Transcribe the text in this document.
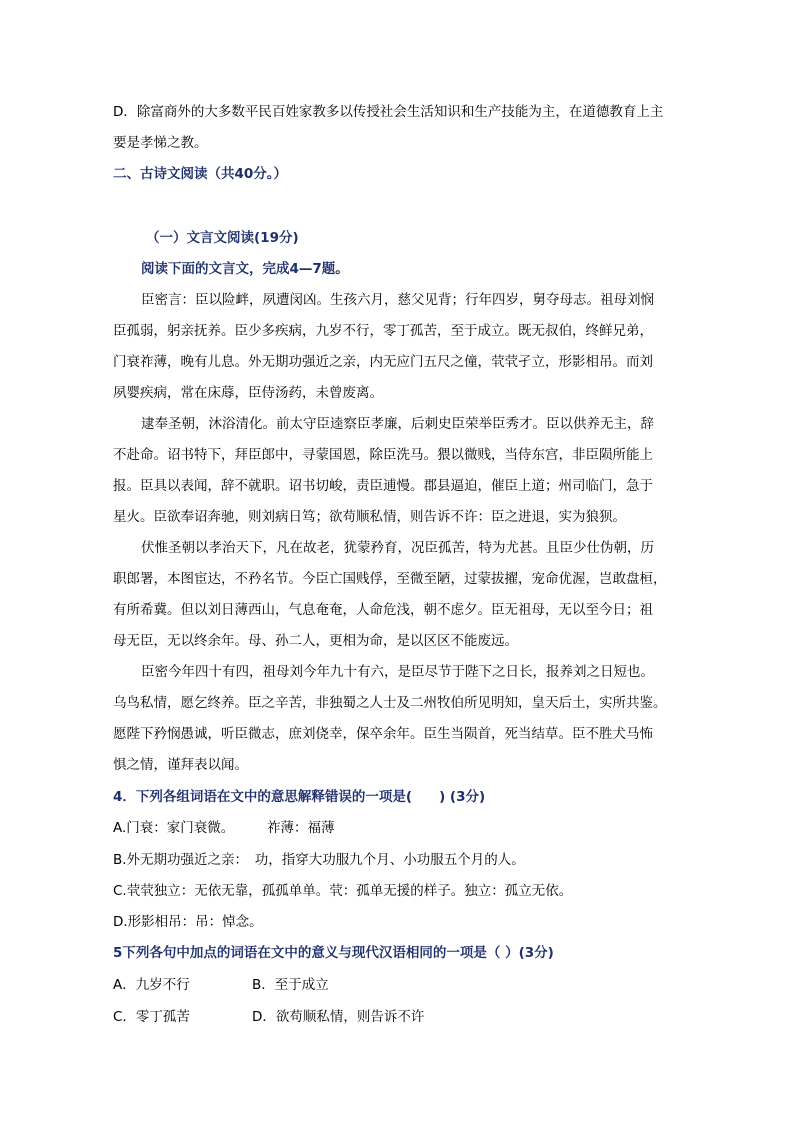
D．除富商外的大多数平民百姓家教多以传授社会生活知识和生产技能为主，在道德教育上主
要是孝悌之教。
二、古诗文阅读（共40分。）
（一）文言文阅读(19分)
阅读下面的文言文，完成4—7题。
臣密言：臣以险衅，夙遭闵凶。生孩六月，慈父见背；行年四岁，舅夺母志。祖母刘悯
臣孤弱，躬亲抚养。臣少多疾病，九岁不行，零丁孤苦，至于成立。既无叔伯，终鲜兄弟，
门衰祚薄，晚有儿息。外无期功强近之亲，内无应门五尺之僮，茕茕孑立，形影相吊。而刘
夙婴疾病，常在床蓐，臣侍汤药，未曾废离。
逮奉圣朝，沐浴清化。前太守臣逵察臣孝廉，后刺史臣荣举臣秀才。臣以供养无主，辞
不赴命。诏书特下，拜臣郎中，寻蒙国恩，除臣洗马。猥以微贱，当侍东宫，非臣陨所能上
报。臣具以表闻，辞不就职。诏书切峻，责臣逋慢。郡县逼迫，催臣上道；州司临门，急于
星火。臣欲奉诏奔驰，则刘病日笃；欲苟顺私情，则告诉不许：臣之进退，实为狼狈。
伏惟圣朝以孝治天下，凡在故老，犹蒙矜育，况臣孤苦，特为尤甚。且臣少仕伪朝，历
职郎署，本图宦达，不矜名节。今臣亡国贱俘，至微至陋，过蒙拔擢，宠命优渥，岂敢盘桓，
有所希冀。但以刘日薄西山，气息奄奄，人命危浅，朝不虑夕。臣无祖母，无以至今日；祖
母无臣，无以终余年。母、孙二人，更相为命，是以区区不能废远。
臣密今年四十有四，祖母刘今年九十有六，是臣尽节于陛下之日长，报养刘之日短也。
乌鸟私情，愿乞终养。臣之辛苦，非独蜀之人士及二州牧伯所见明知，皇天后土，实所共鉴。
愿陛下矜悯愚诚，听臣微志，庶刘侥幸，保卒余年。臣生当陨首，死当结草。臣不胜犬马怖
惧之情，谨拜表以闻。
4．下列各组词语在文中的意思解释错误的一项是(　　) (3分)
A.门衰：家门衰微。 祚薄：福薄
B.外无期功强近之亲：　功，指穿大功服九个月、小功服五个月的人。
C.茕茕独立：无依无靠，孤孤单单。茕：孤单无援的样子。独立：孤立无依。
D.形影相吊：吊：悼念。
5下列各句中加点的词语在文中的意义与现代汉语相同的一项是（ ）(3分)
A．九岁不行	B．至于成立
C．零丁孤苦	D．欲苟顺私情，则告诉不许
